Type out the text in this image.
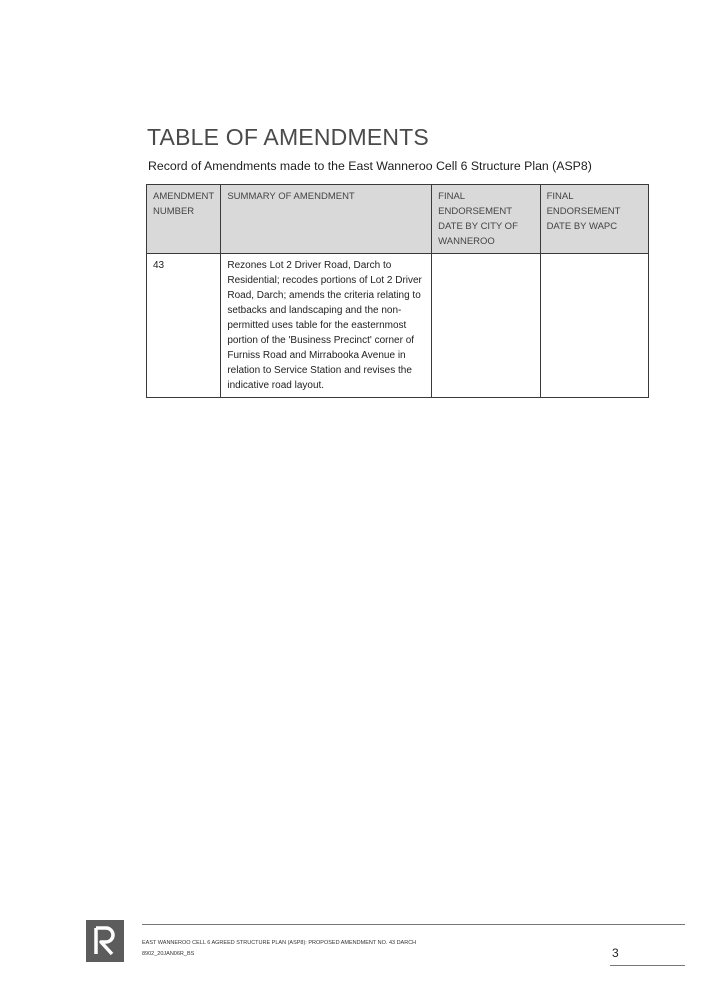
TABLE OF AMENDMENTS
Record of Amendments made to the East Wanneroo Cell 6 Structure Plan (ASP8)
AMENDMENT NUMBER	SUMMARY OF AMENDMENT	FINAL ENDORSEMENT DATE BY CITY OF WANNEROO	FINAL ENDORSEMENT DATE BY WAPC
43	Rezones Lot 2 Driver Road, Darch to Residential; recodes portions of Lot 2 Driver Road, Darch; amends the criteria relating to setbacks and landscaping and the non-permitted uses table for the easternmost portion of the 'Business Precinct' corner of Furniss Road and Mirrabooka Avenue in relation to Service Station and revises the indicative road layout.		
EAST WANNEROO CELL 6 AGREED STRUCTURE PLAN (ASP8): PROPOSED AMENDMENT NO. 43 DARCH
8902_20JAN06R_BS	3
